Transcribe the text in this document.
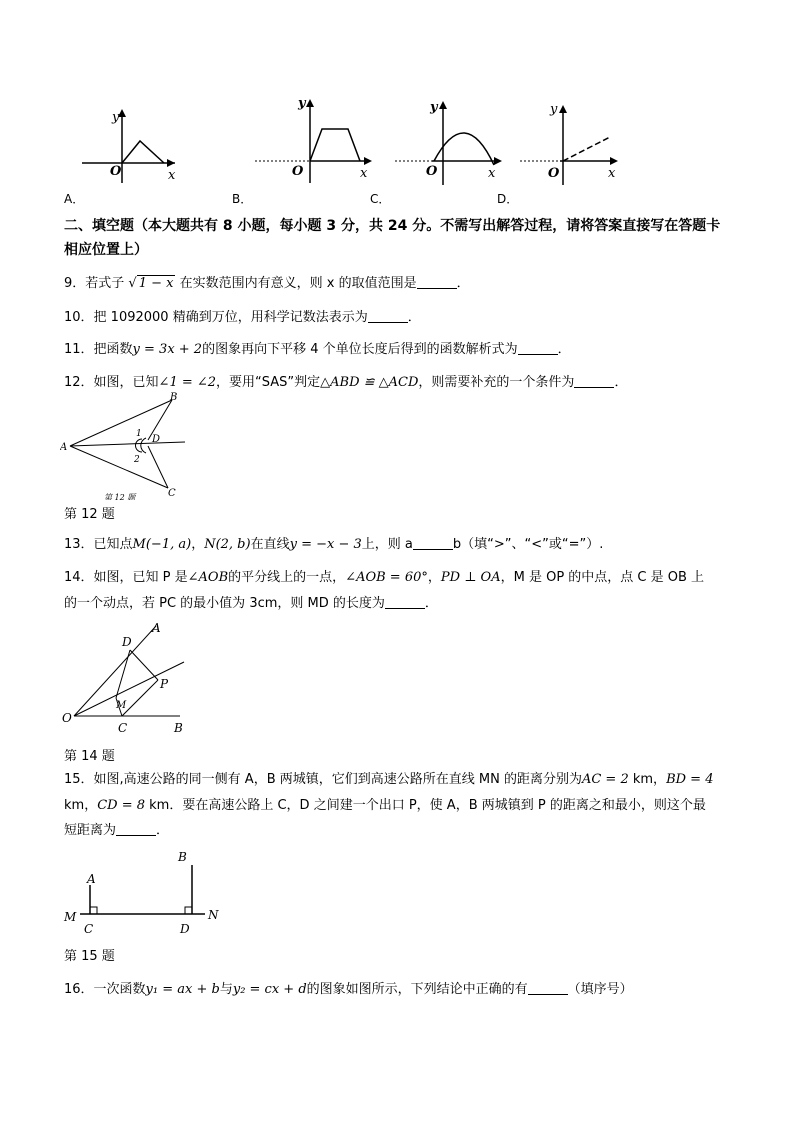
y
x
O
y
x
O
y
x
O
y
x
O
A．	B．	C．	D．
二、填空题（本大题共有 8 小题，每小题 3 分，共 24 分。不需写出解答过程，请将答案直接写在答题卡相应位置上）
9．若式子 √ 1 − x 在实数范围内有意义，则 x 的取值范围是	．
10．把 1092000 精确到万位，用科学记数法表示为	．
11．把函数y = 3x + 2的图象再向下平移 4 个单位长度后得到的函数解析式为	．
12．如图，已知∠1 = ∠2，要用“SAS”判定△ABD ≌ △ACD，则需要补充的一个条件为	．
A
B
C
D
1
2
第 12 题
第 12 题
13．已知点M(−1, a)，N(2, b)在直线y = −x − 3上，则 a	b（填“>”、“<”或“=”）.
14．如图，已知 P 是∠AOB的平分线上的一点，∠AOB = 60°，PD ⊥ OA，M 是 OP 的中点，点 C 是 OB 上
的一个动点，若 PC 的最小值为 3cm，则 MD 的长度为	．
O
A
B
C
D
P
M
第 14 题
15．如图,高速公路的同一侧有 A，B 两城镇，它们到高速公路所在直线 MN 的距离分别为AC = 2 km，BD = 4
km，CD = 8 km．要在高速公路上 C，D 之间建一个出口 P，使 A，B 两城镇到 P 的距离之和最小，则这个最
短距离为	．
A
B
C	D
M	N
第 15 题
16．一次函数y₁ = ax + b与y₂ = cx + d的图象如图所示，下列结论中正确的有	（填序号）
